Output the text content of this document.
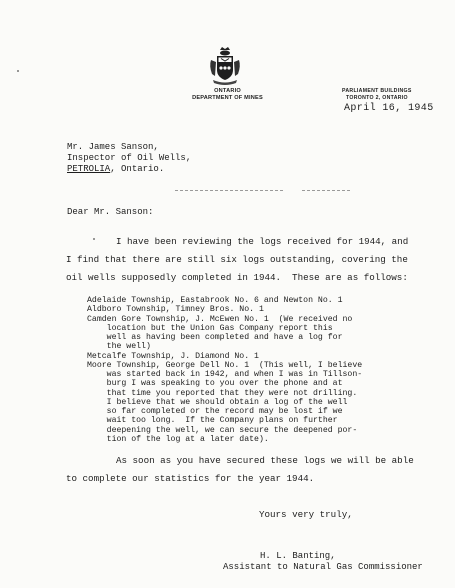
ONTARIO
DEPARTMENT OF MINES
PARLIAMENT BUILDINGS
TORONTO 2, ONTARIO
April 16, 1945
Mr. James Sanson,
Inspector of Oil Wells,
PETROLIA, Ontario.
Dear Mr. Sanson:
I have been reviewing the logs received for 1944, and
I find that there are still six logs outstanding, covering the
oil wells supposedly completed in 1944.  These are as follows:
Adelaide Township, Eastabrook No. 6 and Newton No. 1
Aldboro Township, Timney Bros. No. 1
Camden Gore Township, J. McEwen No. 1  (We received no
location but the Union Gas Company report this
well as having been completed and have a log for
the well)
Metcalfe Township, J. Diamond No. 1
Moore Township, George Dell No. 1  (This well, I believe
was started back in 1942, and when I was in Tillson-
burg I was speaking to you over the phone and at
that time you reported that they were not drilling.
I believe that we should obtain a log of the well
so far completed or the record may be lost if we
wait too long.  If the Company plans on further
deepening the well, we can secure the deepened por-
tion of the log at a later date).
As soon as you have secured these logs we will be able
to complete our statistics for the year 1944.
Yours very truly,
H. L. Banting,
Assistant to Natural Gas Commissioner
